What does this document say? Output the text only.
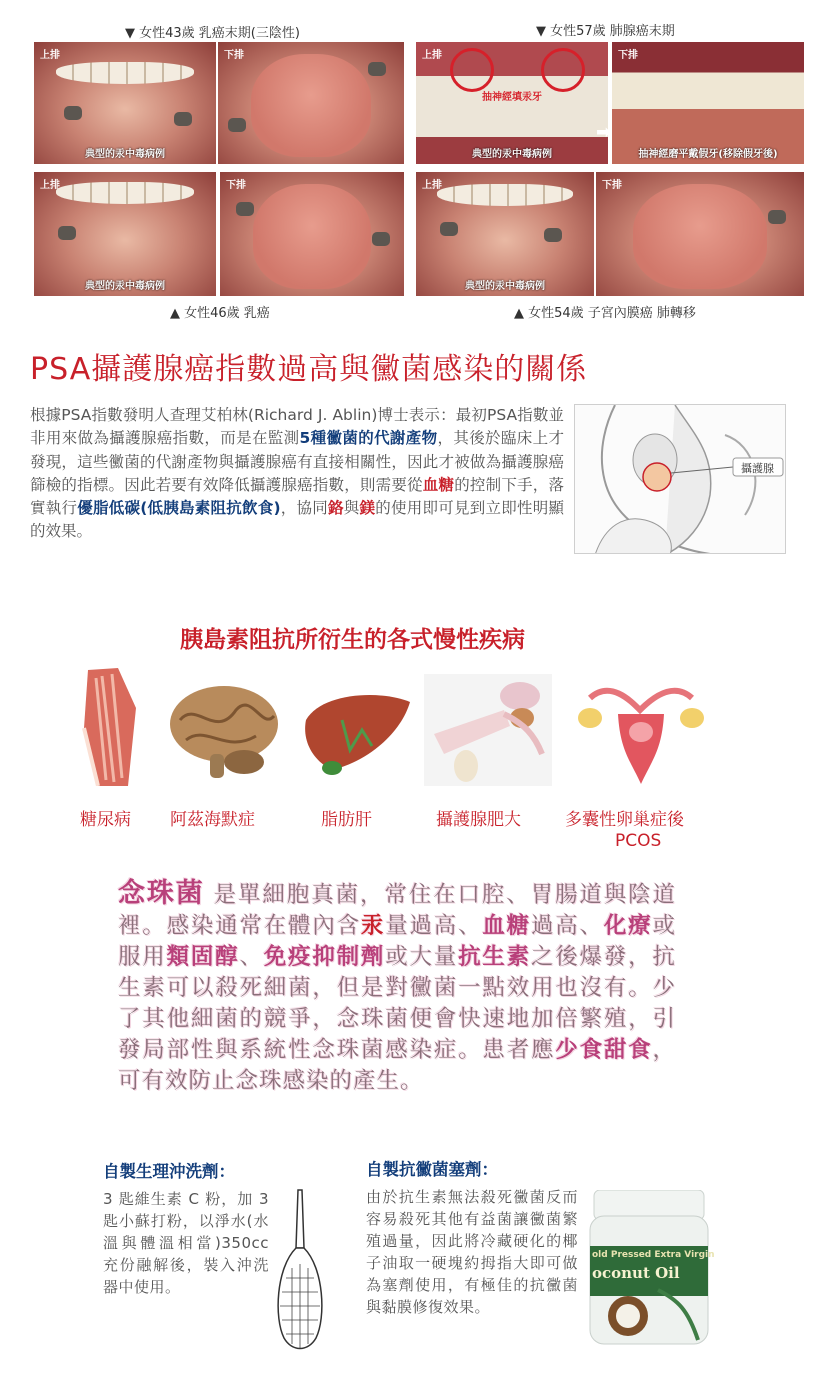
▼ 女性43歲 乳癌末期(三陰性)	▼ 女性57歲 肺腺癌末期
上排
典型的汞中毒病例
下排
抽神經填汞牙
上排
典型的汞中毒病例
➡
下排
抽神經磨平戴假牙(移除假牙後)
上排
典型的汞中毒病例
下排	上排
典型的汞中毒病例
下排
▲ 女性46歲 乳癌	▲ 女性54歲 子宮內膜癌 肺轉移
PSA攝護腺癌指數過高與黴菌感染的關係
根據PSA指數發明人查理艾柏林(Richard J. Ablin)博士表示：最初PSA指數並非用來做為攝護腺癌指數，而是在監測5種黴菌的代謝產物，其後於臨床上才發現，這些黴菌的代謝產物與攝護腺癌有直接相關性，因此才被做為攝護腺癌篩檢的指標。因此若要有效降低攝護腺癌指數，則需要從血糖的控制下手，落實執行優脂低碳(低胰島素阻抗飲食)，協同鉻與鎂的使用即可見到立即性明顯的效果。
攝護腺
胰島素阻抗所衍生的各式慢性疾病
糖尿病 阿茲海默症	脂肪肝	攝護腺肥大	多囊性卵巢症後
PCOS
念珠菌 是單細胞真菌，常住在口腔、胃腸道與陰道裡。感染通常在體內含汞量過高、血糖過高、化療或服用類固醇、免疫抑制劑或大量抗生素之後爆發，抗生素可以殺死細菌，但是對黴菌一點效用也沒有。少了其他細菌的競爭，念珠菌便會快速地加倍繁殖，引發局部性與系統性念珠菌感染症。患者應少食甜食，可有效防止念珠感染的產生。
自製生理沖洗劑：
3 匙維生素 C 粉，加 3 匙小蘇打粉，以淨水(水溫與體溫相當)350cc 充份融解後，裝入沖洗器中使用。
自製抗黴菌塞劑：
由於抗生素無法殺死黴菌反而容易殺死其他有益菌讓黴菌繁殖過量，因此將冷藏硬化的椰子油取一硬塊約拇指大即可做為塞劑使用，有極佳的抗黴菌與黏膜修復效果。
old Pressed Extra Virgin
oconut Oil
